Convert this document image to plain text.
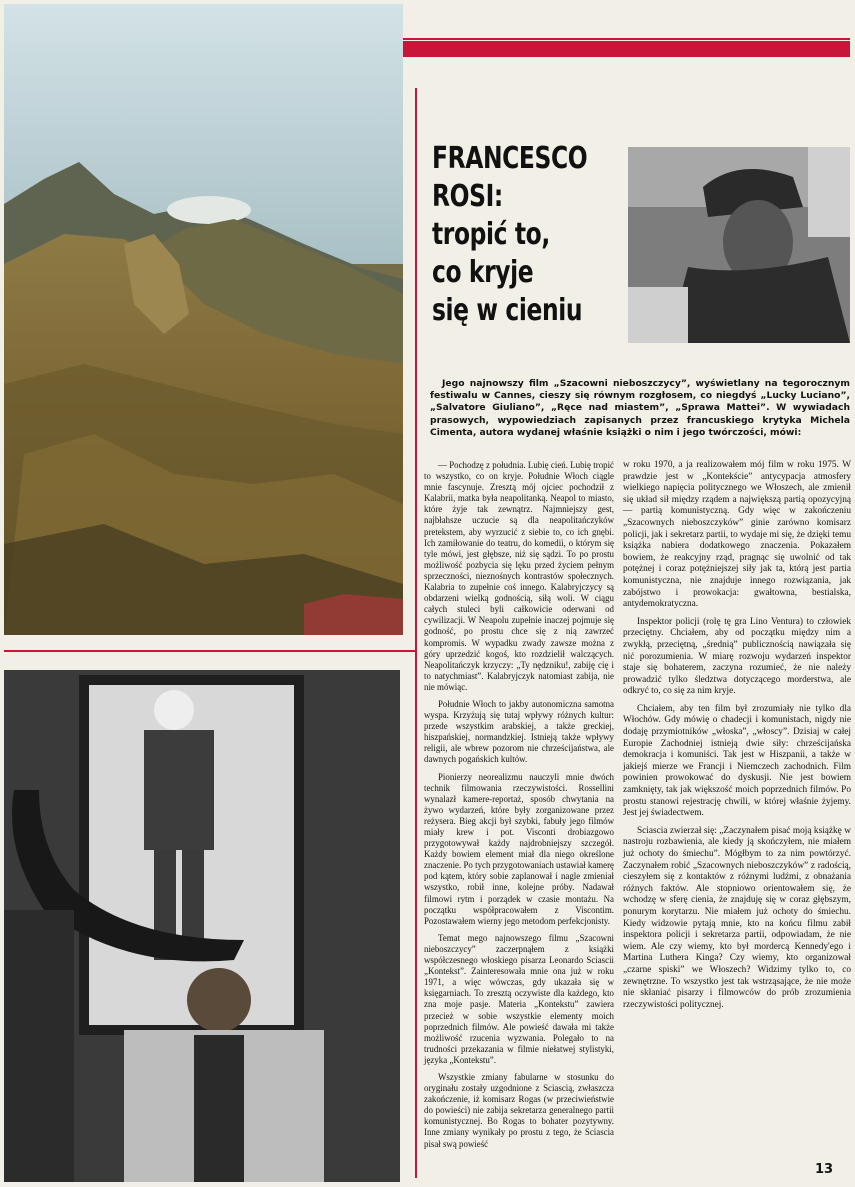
FRANCESCO
ROSI:
tropić to,
co kryje
się w cieniu

Jego najnowszy film „Szacowni nieboszczycy”, wyświetlany na tegorocznym festiwalu w Cannes, cieszy się równym rozgłosem, co niegdyś „Lucky Luciano”, „Salvatore Giuliano”, „Ręce nad miastem”, „Sprawa Mattei”. W wywiadach prasowych, wypowiedziach zapisanych przez francuskiego krytyka Michela Cimenta, autora wydanej właśnie książki o nim i jego twórczości, mówi:

— Pochodzę z południa. Lubię cień. Lubię tropić to wszystko, co on kryje. Południe Włoch ciągle mnie fascynuje. Zresztą mój ojciec pochodził z Kalabrii, matka była neapolitanką. Neapol to miasto, które żyje tak zewnątrz. Najmniejszy gest, najbłahsze uczucie są dla neapolitańczyków pretekstem, aby wyrzucić z siebie to, co ich gnębi. Ich zamiłowanie do teatru, do komedii, o którym się tyle mówi, jest głębsze, niż się sądzi. To po prostu możliwość pozbycia się lęku przed życiem pełnym sprzeczności, nieznośnych kontrastów społecznych. Kalabria to zupełnie coś innego. Kalabryjczycy są obdarzeni wielką godnością, siłą woli. W ciągu całych stuleci byli całkowicie oderwani od cywilizacji. W Neapolu zupełnie inaczej pojmuje się godność, po prostu chce się z nią zawrzeć kompromis. W wypadku zwady zawsze można z góry uprzedzić kogoś, kto rozdzielił walczących. Neapolitańczyk krzyczy: „Ty nędzniku!, zabiję cię i to natychmiast”. Kalabryjczyk natomiast zabija, nie nie mówiąc.

Południe Włoch to jakby autonomiczna samotna wyspa. Krzyżują się tutaj wpływy różnych kultur: przede wszystkim arabskiej, a także greckiej, hiszpańskiej, normandzkiej. Istnieją także wpływy religii, ale wbrew pozorom nie chrześcijaństwa, ale dawnych pogańskich kultów.

Pionierzy neorealizmu nauczyli mnie dwóch technik filmowania rzeczywistości. Rossellini wynalazł kamere-reportaż, sposób chwytania na żywo wydarzeń, które były zorganizowane przez reżysera. Bieg akcji był szybki, fabuły jego filmów miały krew i pot. Visconti drobiazgowo przygotowywał każdy najdrobniejszy szczegół. Każdy bowiem element miał dla niego określone znaczenie. Po tych przygotowaniach ustawiał kamerę pod kątem, który sobie zaplanował i nagle zmieniał wszystko, robił inne, kolejne próby. Nadawał filmowi rytm i porządek w czasie montażu. Na początku współpracowałem z Viscontim. Pozostawałem wierny jego metodom perfekcjonisty.

Temat mego najnowszego filmu „Szacowni nieboszczycy” zaczerpnąłem z książki współczesnego włoskiego pisarza Leonardo Sciascii „Kontekst”. Zainteresowała mnie ona już w roku 1971, a więc wówczas, gdy ukazała się w księgarniach. To zresztą oczywiste dla każdego, kto zna moje pasje. Materia „Kontekstu” zawiera przecież w sobie wszystkie elementy moich poprzednich filmów. Ale powieść dawała mi także możliwość rzucenia wyzwania. Polegało to na trudności przekazania w filmie niełatwej stylistyki, języka „Kontekstu”.

Wszystkie zmiany fabularne w stosunku do oryginału zostały uzgodnione z Sciascią, zwłaszcza zakończenie, iż komisarz Rogas (w przeciwieństwie do powieści) nie zabija sekretarza generalnego partii komunistycznej. Bo Rogas to bohater pozytywny. Inne zmiany wynikały po prostu z tego, że Sciascia pisał swą powieść

w roku 1970, a ja realizowałem mój film w roku 1975. W prawdzie jest w „Kontekście” antycypacja atmosfery wielkiego napięcia politycznego we Włoszech, ale zmienił się układ sił między rządem a największą partią opozycyjną — partią komunistyczną. Gdy więc w zakończeniu „Szacownych nieboszczyków” ginie zarówno komisarz policji, jak i sekretarz partii, to wydaje mi się, że dzięki temu książka nabiera dodatkowego znaczenia. Pokazałem bowiem, że reakcyjny rząd, pragnąc się uwolnić od tak potężnej i coraz potężniejszej siły jak ta, którą jest partia komunistyczna, nie znajduje innego rozwiązania, jak zabójstwo i prowokacja: gwałtowna, bestialska, antydemokratyczna.

Inspektor policji (rolę tę gra Lino Ventura) to człowiek przeciętny. Chciałem, aby od początku między nim a zwykłą, przeciętną, „średnią” publicznością nawiązała się nić porozumienia. W miarę rozwoju wydarzeń inspektor staje się bohaterem, zaczyna rozumieć, że nie należy prowadzić tylko śledztwa dotyczącego morderstwa, ale odkryć to, co się za nim kryje.

Chciałem, aby ten film był zrozumiały nie tylko dla Włochów. Gdy mówię o chadecji i komunistach, nigdy nie dodaję przymiotników „włoska”, „włoscy”. Dzisiaj w całej Europie Zachodniej istnieją dwie siły: chrześcijańska demokracja i komuniści. Tak jest w Hiszpanii, a także w jakiejś mierze we Francji i Niemczech zachodnich. Film powinien prowokować do dyskusji. Nie jest bowiem zamknięty, tak jak większość moich poprzednich filmów. Po prostu stanowi rejestrację chwili, w której właśnie żyjemy. Jest jej świadectwem.

Sciascia zwierzał się: „Zaczynałem pisać moją książkę w nastroju rozbawienia, ale kiedy ją skończyłem, nie miałem już ochoty do śmiechu”. Mógłbym to za nim powtórzyć. Zaczynałem robić „Szacownych nieboszczyków” z radością, cieszyłem się z kontaktów z różnymi ludźmi, z obnażania różnych faktów. Ale stopniowo orientowałem się, że wchodzę w sferę cienia, że znajduję się w coraz głębszym, ponurym korytarzu. Nie miałem już ochoty do śmiechu. Kiedy widzowie pytają mnie, kto na końcu filmu zabił inspektora policji i sekretarza partii, odpowiadam, że nie wiem. Ale czy wiemy, kto był mordercą Kennedy'ego i Martina Luthera Kinga? Czy wiemy, kto organizował „czarne spiski” we Włoszech? Widzimy tylko to, co zewnętrzne. To wszystko jest tak wstrząsające, że nie może nie skłaniać pisarzy i filmowców do prób zrozumienia rzeczywistości politycznej.

13
